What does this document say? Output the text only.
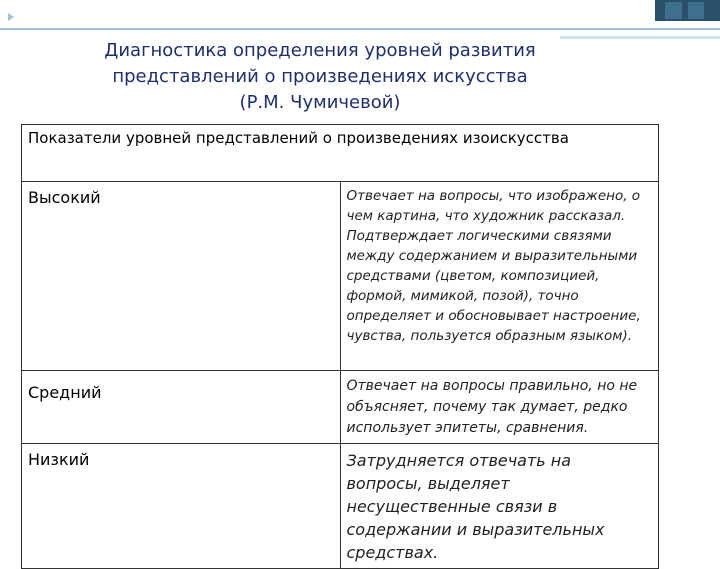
Диагностика определения уровней развития
представлений о произведениях искусства
(Р.М. Чумичевой)
Показатели уровней представлений о произведениях изоискусства	
Высокий	Отвечает на вопросы, что изображено, о чем картина, что художник рассказал. Подтверждает логическими связями между содержанием и выразительными средствами (цветом, композицией, формой, мимикой, позой), точно определяет и обосновывает настроение, чувства, пользуется образным языком).
Средний	Отвечает на вопросы правильно, но не объясняет, почему так думает, редко использует эпитеты, сравнения.
Низкий	Затрудняется отвечать на вопросы, выделяет несущественные связи в содержании и выразительных средствах.
